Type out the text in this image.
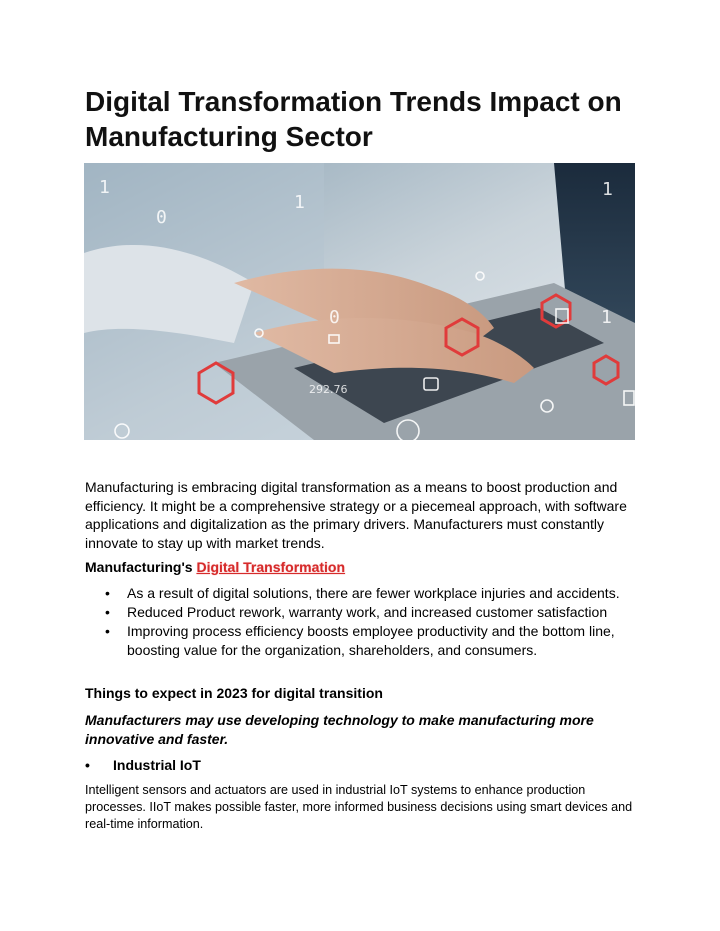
Digital Transformation Trends Impact on Manufacturing Sector
0
1
0
1
1
1
292.76
Manufacturing is embracing digital transformation as a means to boost production and efficiency. It might be a comprehensive strategy or a piecemeal approach, with software applications and digitalization as the primary drivers. Manufacturers must constantly innovate to stay up with market trends.
Manufacturing's Digital Transformation
• As a result of digital solutions, there are fewer workplace injuries and accidents.
• Reduced Product rework, warranty work, and increased customer satisfaction
• Improving process efficiency boosts employee productivity and the bottom line, boosting value for the organization, shareholders, and consumers.
Things to expect in 2023 for digital transition
Manufacturers may use developing technology to make manufacturing more innovative and faster.
• Industrial IoT
Intelligent sensors and actuators are used in industrial IoT systems to enhance production processes. IIoT makes possible faster, more informed business decisions using smart devices and real-time information.
